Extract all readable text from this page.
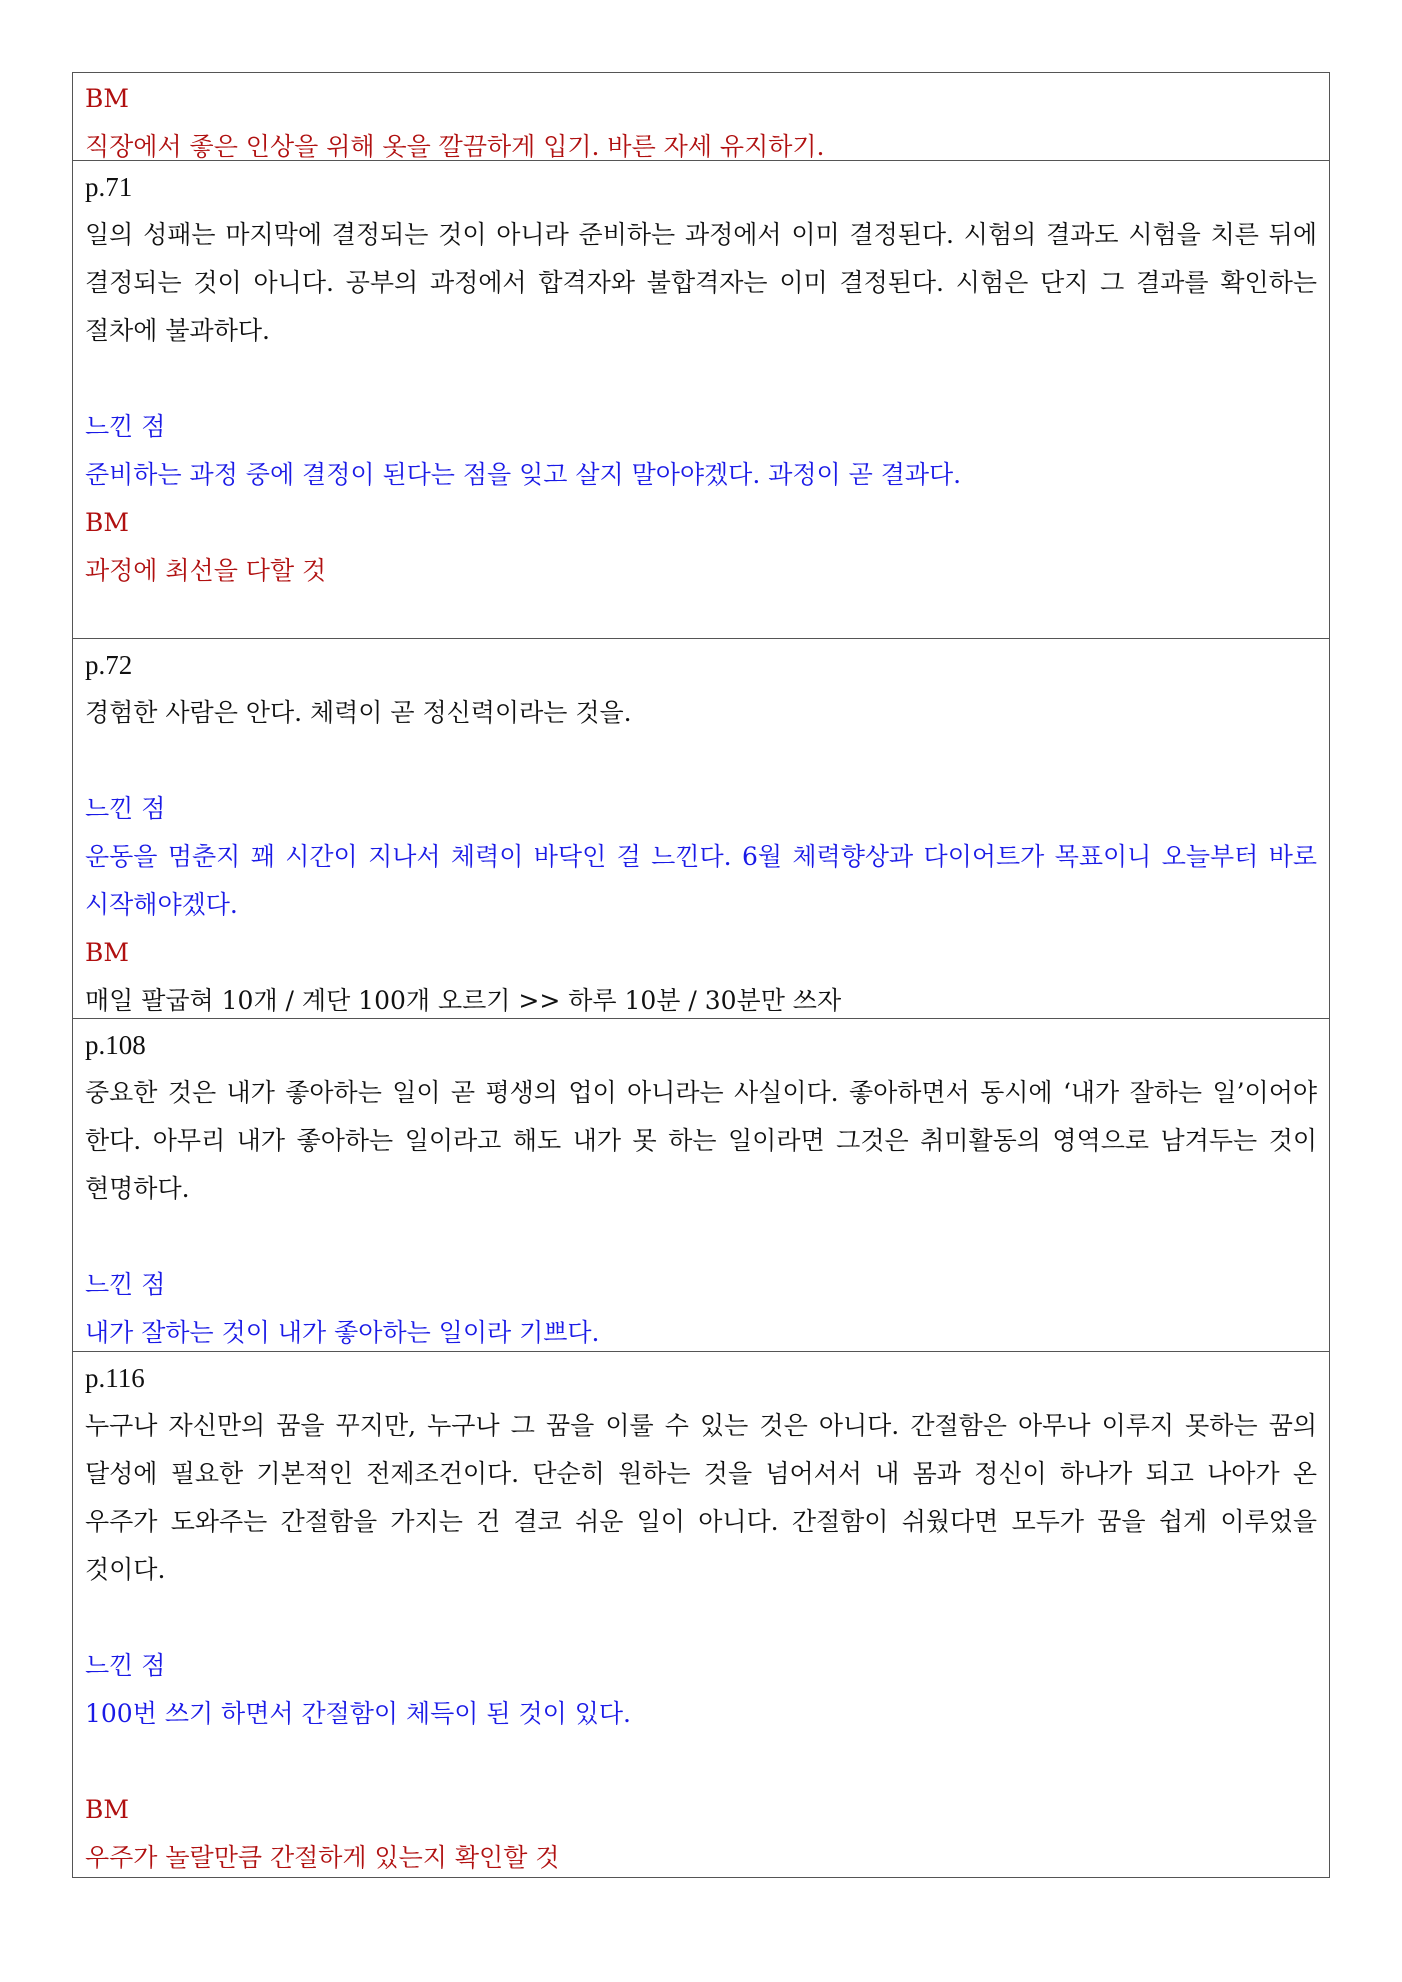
BM
직장에서 좋은 인상을 위해 옷을 깔끔하게 입기. 바른 자세 유지하기.
p.71
일의 성패는 마지막에 결정되는 것이 아니라 준비하는 과정에서 이미 결정된다. 시험의 결과도 시험을 치른 뒤에 결정되는 것이 아니다. 공부의 과정에서 합격자와 불합격자는 이미 결정된다. 시험은 단지 그 결과를 확인하는 절차에 불과하다.
느낀 점
준비하는 과정 중에 결정이 된다는 점을 잊고 살지 말아야겠다. 과정이 곧 결과다.
BM
과정에 최선을 다할 것
p.72
경험한 사람은 안다. 체력이 곧 정신력이라는 것을.
느낀 점
운동을 멈춘지 꽤 시간이 지나서 체력이 바닥인 걸 느낀다. 6월 체력향상과 다이어트가 목표이니 오늘부터 바로 시작해야겠다.
BM
매일 팔굽혀 10개 / 계단 100개 오르기 >> 하루 10분 / 30분만 쓰자
p.108
중요한 것은 내가 좋아하는 일이 곧 평생의 업이 아니라는 사실이다. 좋아하면서 동시에 ‘내가 잘하는 일’이어야 한다. 아무리 내가 좋아하는 일이라고 해도 내가 못 하는 일이라면 그것은 취미활동의 영역으로 남겨두는 것이 현명하다.
느낀 점
내가 잘하는 것이 내가 좋아하는 일이라 기쁘다.
p.116
누구나 자신만의 꿈을 꾸지만, 누구나 그 꿈을 이룰 수 있는 것은 아니다. 간절함은 아무나 이루지 못하는 꿈의 달성에 필요한 기본적인 전제조건이다. 단순히 원하는 것을 넘어서서 내 몸과 정신이 하나가 되고 나아가 온 우주가 도와주는 간절함을 가지는 건 결코 쉬운 일이 아니다. 간절함이 쉬웠다면 모두가 꿈을 쉽게 이루었을 것이다.
느낀 점
100번 쓰기 하면서 간절함이 체득이 된 것이 있다.
BM
우주가 놀랄만큼 간절하게 있는지 확인할 것
